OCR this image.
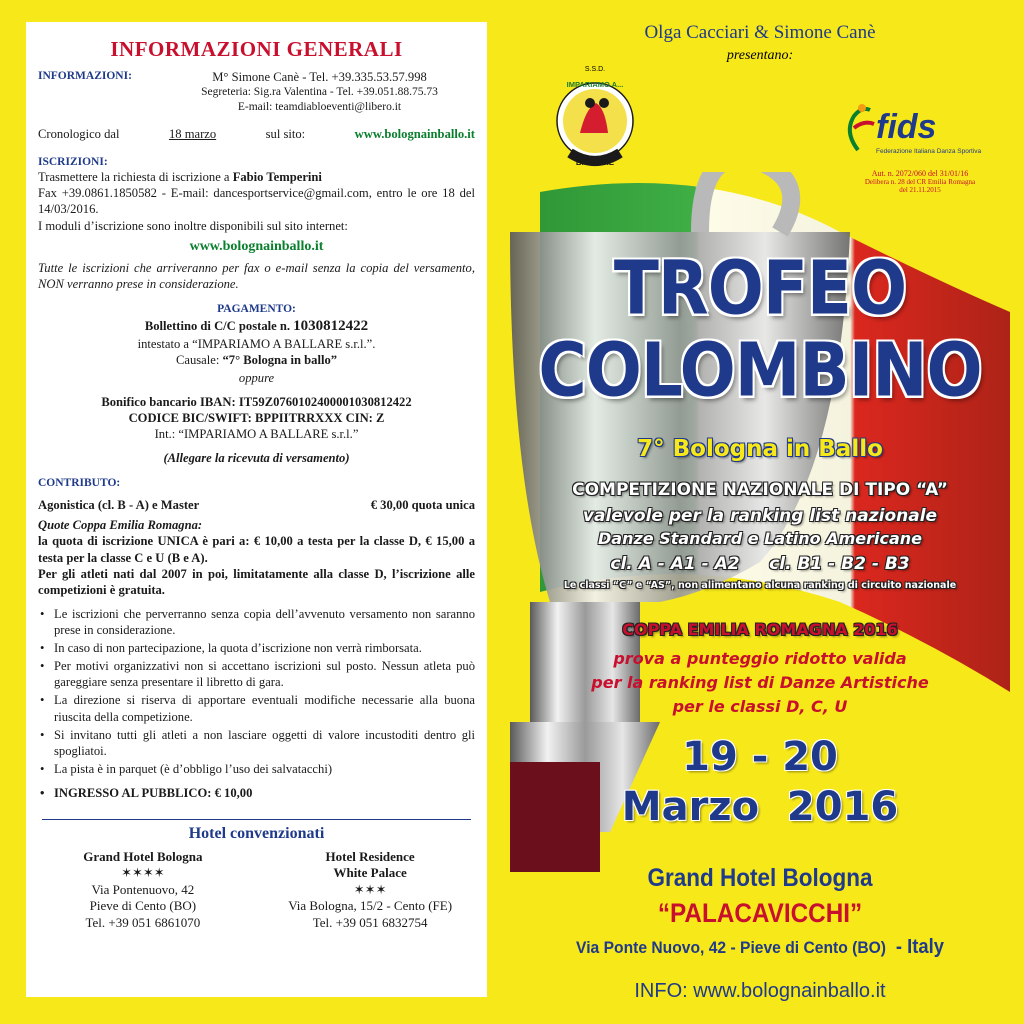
INFORMAZIONI GENERALI
INFORMAZIONI:	M° Simone Canè - Tel. +39.335.53.57.998
Segreteria: Sig.ra Valentina - Tel. +39.051.88.75.73
E-mail: teamdiabloeventi@libero.it
Cronologico dal	18 marzo	sul sito:	www.bolognainballo.it
ISCRIZIONI:
Trasmettere la richiesta di iscrizione a Fabio Temperini
Fax +39.0861.1850582 - E-mail: dancesportservice@gmail.com, entro le ore 18 del 14/03/2016.
I moduli d’iscrizione sono inoltre disponibili sul sito internet:
www.bolognainballo.it
Tutte le iscrizioni che arriveranno per fax o e-mail senza la copia del versamento, NON verranno prese in considerazione.
PAGAMENTO:
Bollettino di C/C postale n. 1030812422
intestato a “IMPARIAMO A BALLARE s.r.l.”.
Causale: “7° Bologna in ballo”
oppure
Bonifico bancario IBAN: IT59Z0760102400001030812422
CODICE BIC/SWIFT: BPPIITRRXXX CIN: Z
Int.: “IMPARIAMO A BALLARE s.r.l.”
(Allegare la ricevuta di versamento)
CONTRIBUTO:
Agonistica (cl. B - A) e Master	€ 30,00 quota unica
Quote Coppa Emilia Romagna:
la quota di iscrizione UNICA è pari a: € 10,00 a testa per la classe D, € 15,00 a testa per la classe C e U (B e A).
Per gli atleti nati dal 2007 in poi, limitatamente alla classe D, l’iscrizione alle competizioni è gratuita.
• Le iscrizioni che perverranno senza copia dell’avvenuto versamento non saranno prese in considerazione.
• In caso di non partecipazione, la quota d’iscrizione non verrà rimborsata.
• Per motivi organizzativi non si accettano iscrizioni sul posto. Nessun atleta può gareggiare senza presentare il libretto di gara.
• La direzione si riserva di apportare eventuali modifiche necessarie alla buona riuscita della competizione.
• Si invitano tutti gli atleti a non lasciare oggetti di valore incustoditi dentro gli spogliatoi.
• La pista è in parquet (è d’obbligo l’uso dei salvatacchi)
• INGRESSO AL PUBBLICO: € 10,00
Hotel convenzionati
Grand Hotel Bologna
✶✶✶✶
Via Pontenuovo, 42
Pieve di Cento (BO)
Tel. +39 051 6861070
Hotel Residence
White Palace
✶✶✶
Via Bologna, 15/2 - Cento (FE)
Tel. +39 051 6832754
Olga Cacciari & Simone Canè
presentano:
S.S.D.
IMPARIAMO A...
BALLARE
fids
Federazione Italiana Danza Sportiva
Aut. n. 2072/060 del 31/01/16
Delibera n. 28 del CR Emilia Romagna
del 21.11.2015
TROFEO
COLOMBINO
7° Bologna in Ballo
COMPETIZIONE NAZIONALE DI TIPO “A”
valevole per la ranking list nazionale
Danze Standard e Latino Americane
cl. A - A1 - A2     cl. B1 - B2 - B3
Le classi “C” e “AS”, non alimentano alcuna ranking di circuito nazionale
COPPA EMILIA ROMAGNA 2016
prova a punteggio ridotto valida
per la ranking list di Danze Artistiche
per le classi D, C, U
19 - 20
Marzo  2016
Grand Hotel Bologna
“PALACAVICCHI”
Via Ponte Nuovo, 42 - Pieve di Cento (BO) - Italy
INFO: www.bolognainballo.it
